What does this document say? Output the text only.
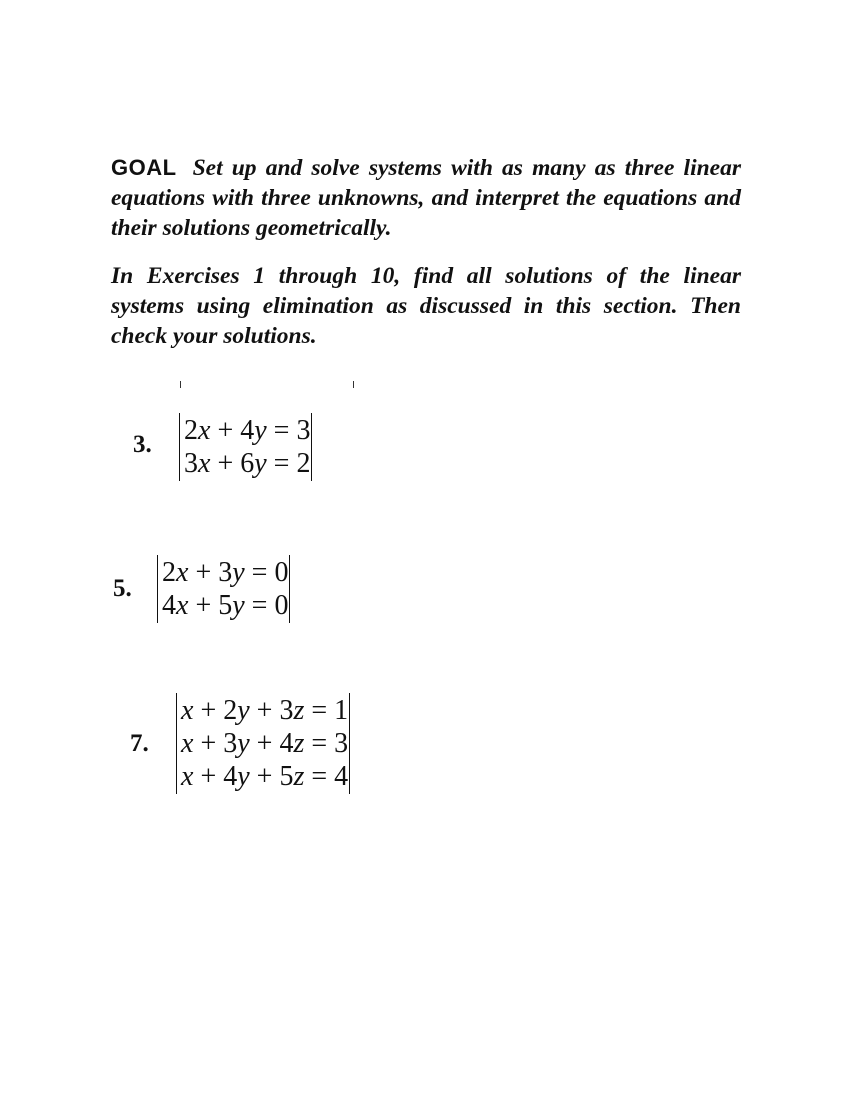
GOAL Set up and solve systems with as many as three linear equations with three unknowns, and interpret the equations and their solutions geometrically.
In Exercises 1 through 10, find all solutions of the linear systems using elimination as discussed in this section. Then check your solutions.
3. 2x + 4y = 3
3x + 6y = 2
5.
2x + 3y = 0
4x + 5y = 0
7.
x + 2y + 3z = 1
x + 3y + 4z = 3
x + 4y + 5z = 4
